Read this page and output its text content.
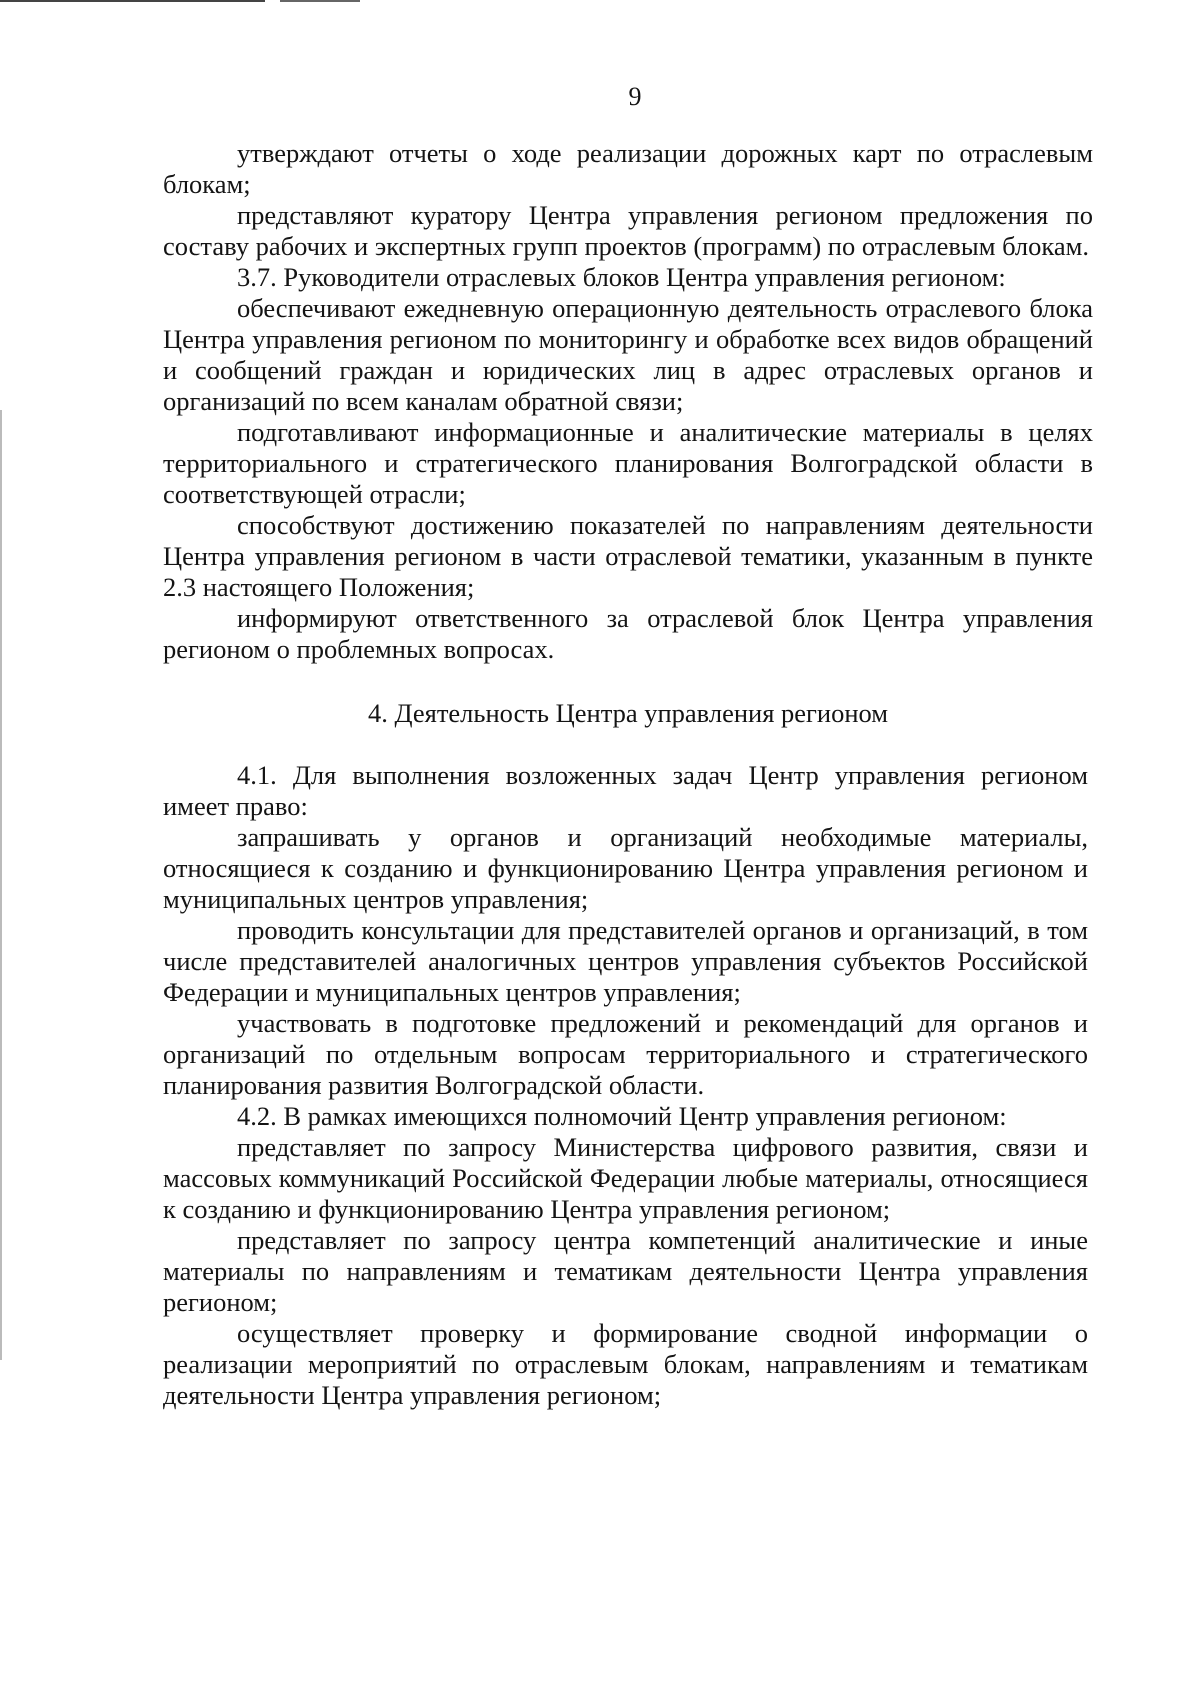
9

утверждают отчеты о ходе реализации дорожных карт по отраслевым блокам;

представляют куратору Центра управления регионом предложения по составу рабочих и экспертных групп проектов (программ) по отраслевым блокам.

3.7. Руководители отраслевых блоков Центра управления регионом:

обеспечивают ежедневную операционную деятельность отраслевого блока Центра управления регионом по мониторингу и обработке всех видов обращений и сообщений граждан и юридических лиц в адрес отраслевых органов и организаций по всем каналам обратной связи;

подготавливают информационные и аналитические материалы в целях территориального и стратегического планирования Волгоградской области в соответствующей отрасли;

способствуют достижению показателей по направлениям деятельности Центра управления регионом в части отраслевой тематики, указанным в пункте 2.3 настоящего Положения;

информируют ответственного за отраслевой блок Центра управления регионом о проблемных вопросах.

4. Деятельность Центра управления регионом

4.1. Для выполнения возложенных задач Центр управления регионом имеет право:

запрашивать у органов и организаций необходимые материалы, относящиеся к созданию и функционированию Центра управления регионом и муниципальных центров управления;

проводить консультации для представителей органов и организаций, в том числе представителей аналогичных центров управления субъектов Российской Федерации и муниципальных центров управления;

участвовать в подготовке предложений и рекомендаций для органов и организаций по отдельным вопросам территориального и стратегического планирования развития Волгоградской области.

4.2. В рамках имеющихся полномочий Центр управления регионом:

представляет по запросу Министерства цифрового развития, связи и массовых коммуникаций Российской Федерации любые материалы, относящиеся к созданию и функционированию Центра управления регионом;

представляет по запросу центра компетенций аналитические и иные материалы по направлениям и тематикам деятельности Центра управления регионом;

осуществляет проверку и формирование сводной информации о реализации мероприятий по отраслевым блокам, направлениям и тематикам деятельности Центра управления регионом;
